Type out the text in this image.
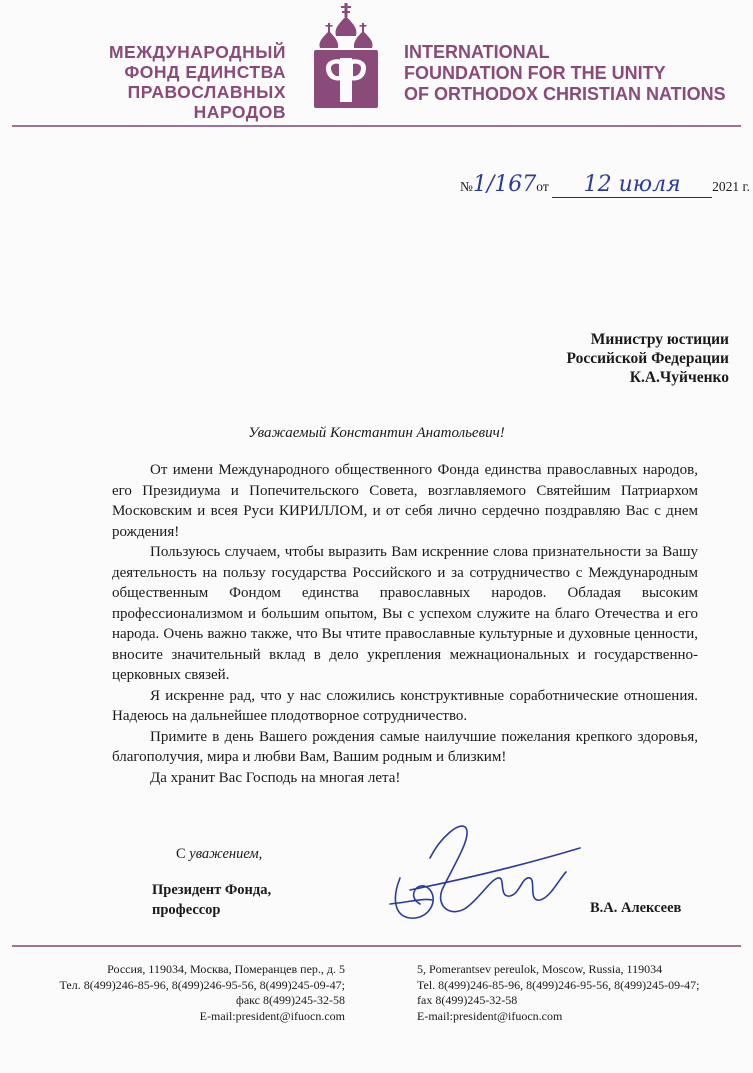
МЕЖДУНАРОДНЫЙ
ФОНД ЕДИНСТВА
ПРАВОСЛАВНЫХ НАРОДОВ
INTERNATIONAL
FOUNDATION FOR THE UNITY
OF ORTHODOX CHRISTIAN NATIONS
№1/167от 12 июля 2021 г.
Министру юстиции
Российской Федерации
К.А.Чуйченко
Уважаемый Константин Анатольевич!

От имени Международного общественного Фонда единства православных народов, его Президиума и Попечительского Совета, возглавляемого Святейшим Патриархом Московским и всея Руси КИРИЛЛОМ, и от себя лично сердечно поздравляю Вас с днем рождения!

Пользуюсь случаем, чтобы выразить Вам искренние слова признательности за Вашу деятельность на пользу государства Российского и за сотрудничество с Международным общественным Фондом единства православных народов. Обладая высоким профессионализмом и большим опытом, Вы с успехом служите на благо Отечества и его народа. Очень важно также, что Вы чтите православные культурные и духовные ценности, вносите значительный вклад в дело укрепления межнациональных и государственно-церковных связей.

Я искренне рад, что у нас сложились конструктивные соработнические отношения. Надеюсь на дальнейшее плодотворное сотрудничество.

Примите в день Вашего рождения самые наилучшие пожелания крепкого здоровья, благополучия, мира и любви Вам, Вашим родным и близким!

Да хранит Вас Господь на многая лета!

С уважением,
Президент Фонда,
профессор	В.А. Алексеев
Россия, 119034, Москва, Померанцев пер., д. 5
Тел. 8(499)246-85-96, 8(499)246-95-56, 8(499)245-09-47;
факс 8(499)245-32-58
E-mail:president@ifuocn.com
5, Pomerantsev pereulok, Moscow, Russia, 119034
Tel. 8(499)246-85-96, 8(499)246-95-56, 8(499)245-09-47;
fax 8(499)245-32-58
E-mail:president@ifuocn.com
